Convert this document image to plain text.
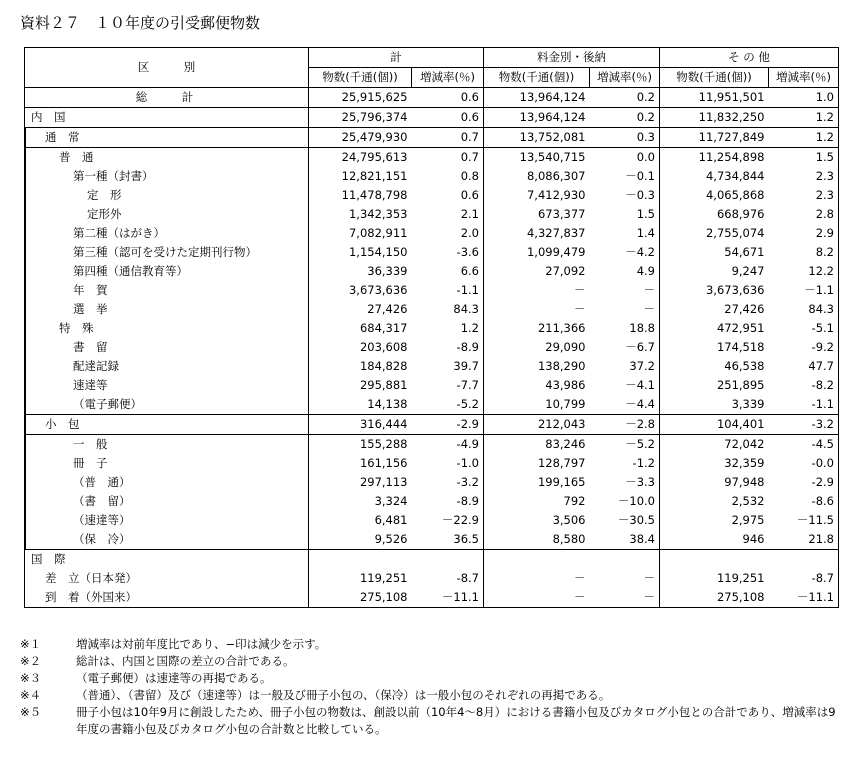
資料２７　１０年度の引受郵便物数
区　　　別	計		料金別・後納		そ の 他	
	物数(千通(個))	増減率(％)	物数(千通(個))	増減率(％)	物数(千通(個))	増減率(％)
総　　　計	25,915,625	0.6	13,964,124	0.2	11,951,501	1.0
内　国	25,796,374	0.6	13,964,124	0.2	11,832,250	1.2
通　常	25,479,930	0.7	13,752,081	0.3	11,727,849	1.2
普　通	24,795,613	0.7	13,540,715	0.0	11,254,898	1.5
第一種（封書）	12,821,151	0.8	8,086,307	－0.1	4,734,844	2.3
定　形	11,478,798	0.6	7,412,930	－0.3	4,065,868	2.3
定形外	1,342,353	2.1	673,377	1.5	668,976	2.8
第二種（はがき）	7,082,911	2.0	4,327,837	1.4	2,755,074	2.9
第三種（認可を受けた定期刊行物）	1,154,150	-3.6	1,099,479	－4.2	54,671	8.2
第四種（通信教育等）	36,339	6.6	27,092	4.9	9,247	12.2
年　賀	3,673,636	-1.1	－	－	3,673,636	－1.1
選　挙	27,426	84.3	－	－	27,426	84.3
特　殊	684,317	1.2	211,366	18.8	472,951	-5.1
書　留	203,608	-8.9	29,090	－6.7	174,518	-9.2
配達記録	184,828	39.7	138,290	37.2	46,538	47.7
速達等	295,881	-7.7	43,986	－4.1	251,895	-8.2
（電子郵便）	14,138	-5.2	10,799	－4.4	3,339	-1.1
小　包	316,444	-2.9	212,043	－2.8	104,401	-3.2
一　般	155,288	-4.9	83,246	－5.2	72,042	-4.5
冊　子	161,156	-1.0	128,797	-1.2	32,359	-0.0
（普　通）	297,113	-3.2	199,165	－3.3	97,948	-2.9
（書　留）	3,324	-8.9	792	－10.0	2,532	-8.6
（速達等）	6,481	－22.9	3,506	－30.5	2,975	－11.5
（保　冷）	9,526	36.5	8,580	38.4	946	21.8
国　際						
差　立（日本発）	119,251	-8.7	－	－	119,251	-8.7
到　着（外国来）	275,108	－11.1	－	－	275,108	－11.1
※１	増減率は対前年度比であり、−印は減少を示す。
※２	総計は、内国と国際の差立の合計である。
※３	（電子郵便）は速達等の再掲である。
※４	（普通）、（書留）及び（速達等）は一般及び冊子小包の、（保冷）は一般小包のそれぞれの再掲である。
※５	冊子小包は10年9月に創設したため、冊子小包の物数は、創設以前（10年4～8月）における書籍小包及びカタログ小包との合計であり、増減率は9年度の書籍小包及びカタログ小包の合計数と比較している。
